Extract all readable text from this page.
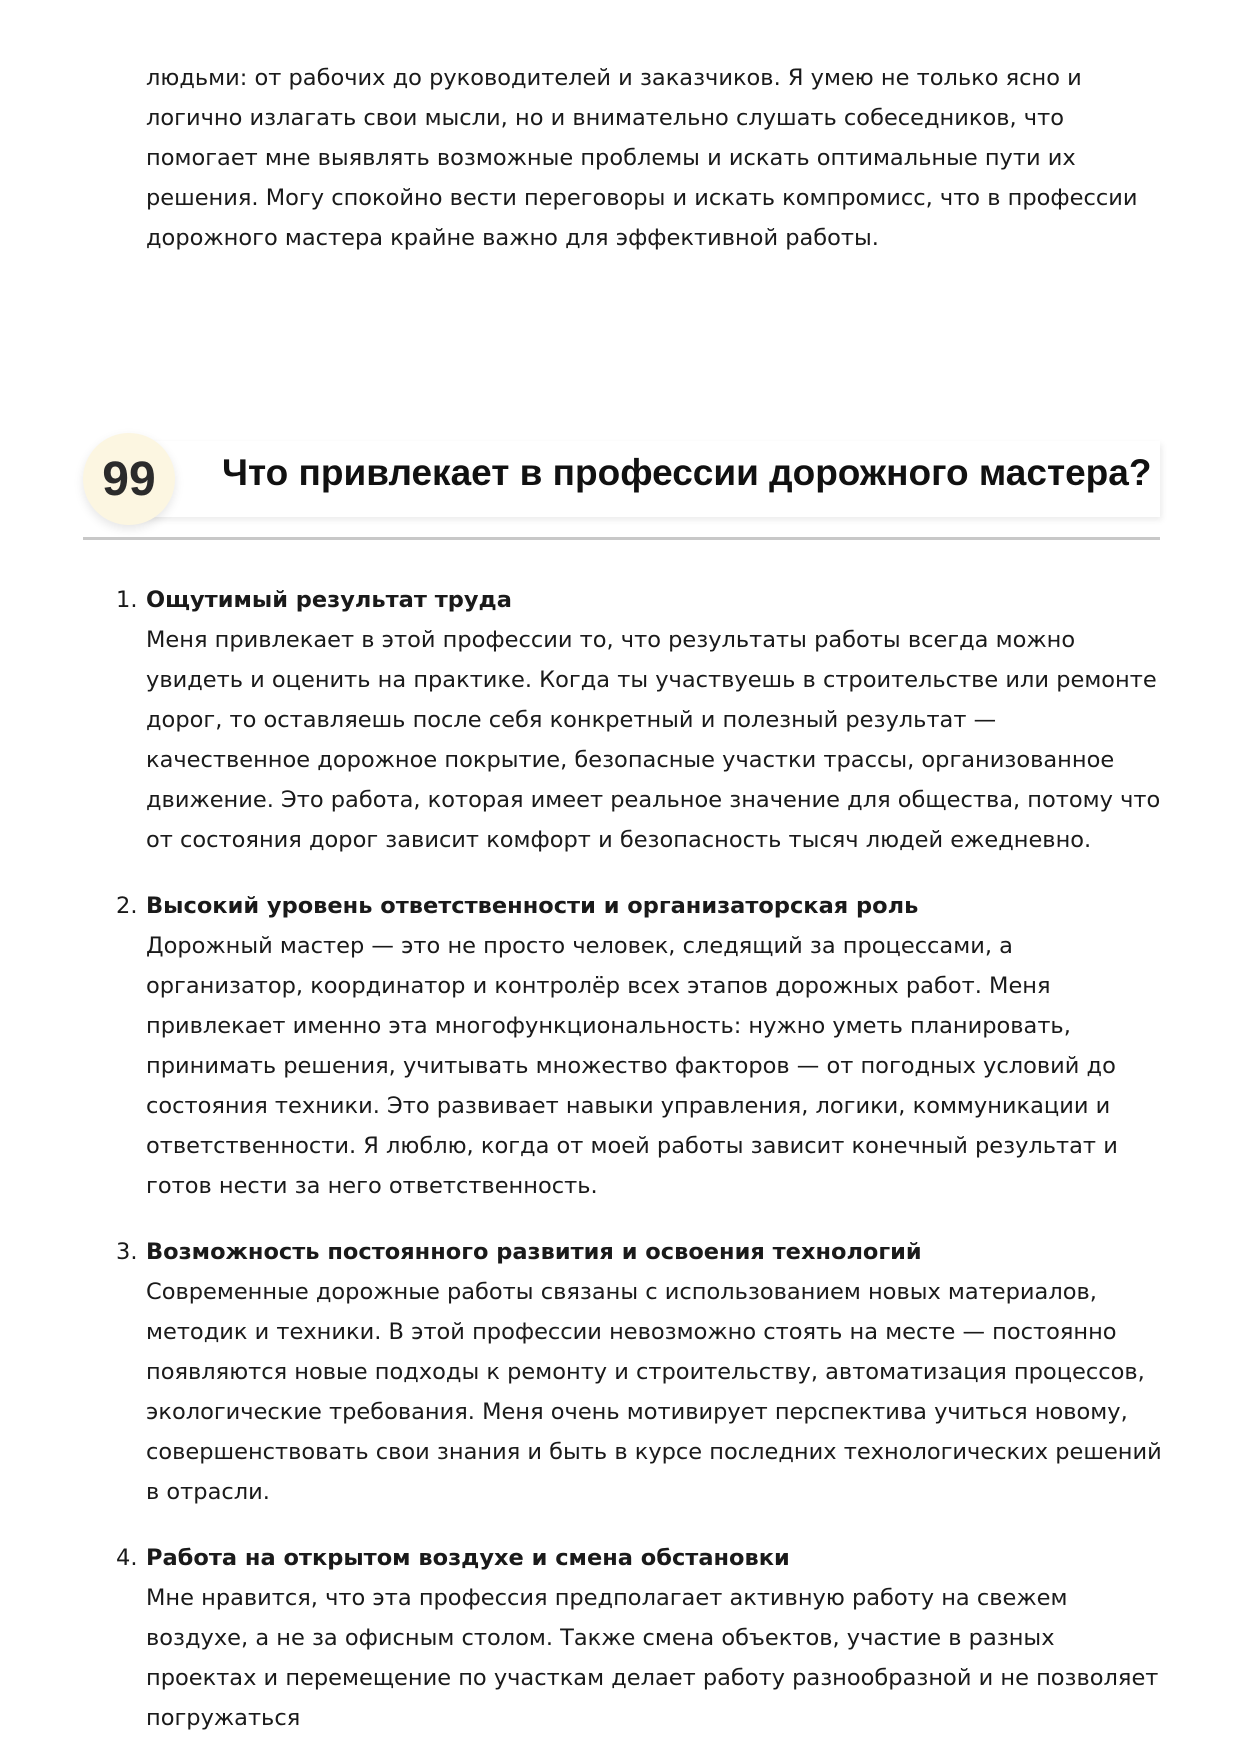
людьми: от рабочих до руководителей и заказчиков. Я умею не только ясно и логично излагать свои мысли, но и внимательно слушать собеседников, что помогает мне выявлять возможные проблемы и искать оптимальные пути их решения. Могу спокойно вести переговоры и искать компромисс, что в профессии дорожного мастера крайне важно для эффективной работы.

99	Что привлекает в профессии дорожного мастера?
1. Ощутимый результат труда

Меня привлекает в этой профессии то, что результаты работы всегда можно увидеть и оценить на практике. Когда ты участвуешь в строительстве или ремонте дорог, то оставляешь после себя конкретный и полезный результат — качественное дорожное покрытие, безопасные участки трассы, организованное движение. Это работа, которая имеет реальное значение для общества, потому что от состояния дорог зависит комфорт и безопасность тысяч людей ежедневно.

2. Высокий уровень ответственности и организаторская роль

Дорожный мастер — это не просто человек, следящий за процессами, а организатор, координатор и контролёр всех этапов дорожных работ. Меня привлекает именно эта многофункциональность: нужно уметь планировать, принимать решения, учитывать множество факторов — от погодных условий до состояния техники. Это развивает навыки управления, логики, коммуникации и ответственности. Я люблю, когда от моей работы зависит конечный результат и готов нести за него ответственность.

3. Возможность постоянного развития и освоения технологий

Современные дорожные работы связаны с использованием новых материалов, методик и техники. В этой профессии невозможно стоять на месте — постоянно появляются новые подходы к ремонту и строительству, автоматизация процессов, экологические требования. Меня очень мотивирует перспектива учиться новому, совершенствовать свои знания и быть в курсе последних технологических решений в отрасли.

4. Работа на открытом воздухе и смена обстановки

Мне нравится, что эта профессия предполагает активную работу на свежем воздухе, а не за офисным столом. Также смена объектов, участие в разных проектах и перемещение по участкам делает работу разнообразной и не позволяет погружаться
